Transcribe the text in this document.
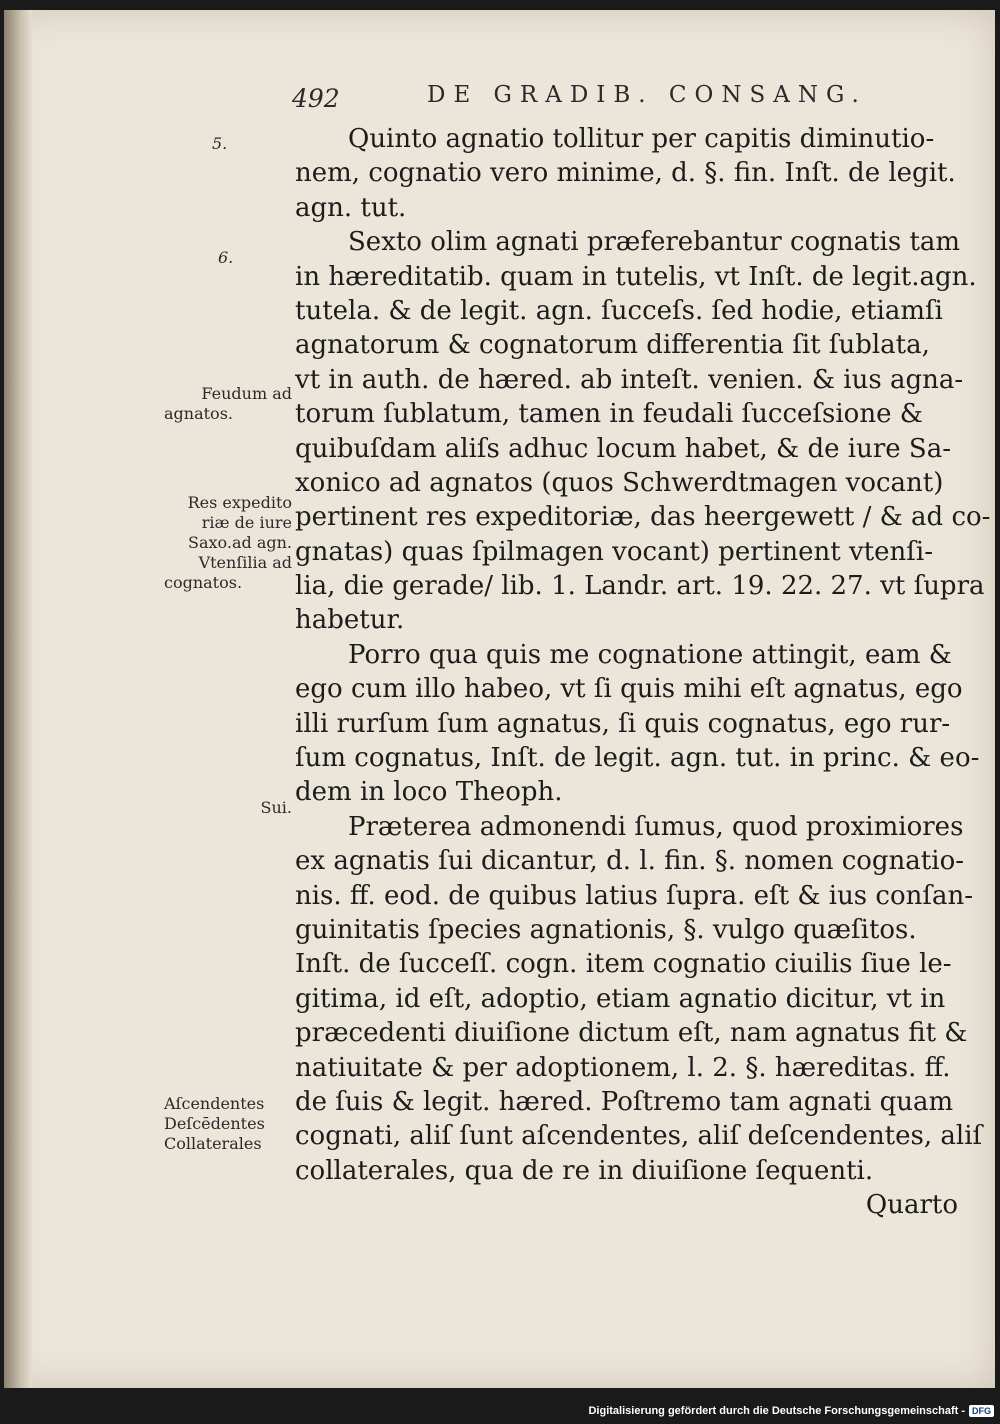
492	DE GRADIB. CONSANG.
5.
6.
Feudum ad
agnatos.
Res expedito
riæ de iure
Saxo.ad agn.
Vtenſilia ad
cognatos.
Sui.
Aſcendentes
Deſcēdentes
Collaterales
Quinto agnatio tollitur per capitis diminutio-
nem, cognatio vero minime, d. §. fin. Inſt. de legit.
agn. tut.
Sexto olim agnati præferebantur cognatis tam
in hæreditatib. quam in tutelis, vt Inſt. de legit.agn.
tutela. & de legit. agn. ſucceſs. ſed hodie, etiamſi
agnatorum & cognatorum differentia ſit ſublata,
vt in auth. de hæred. ab inteſt. venien. & ius agna-
torum ſublatum, tamen in feudali ſucceſsione &
quibuſdam aliſs adhuc locum habet, & de iure Sa-
xonico ad agnatos (quos Schwerdtmagen vocant)
pertinent res expeditoriæ, das heergewett / & ad co-
gnatas) quas ſpilmagen vocant) pertinent vtenſi-
lia, die gerade/ lib. 1. Landr. art. 19. 22. 27. vt ſupra
habetur.
Porro qua quis me cognatione attingit, eam &
ego cum illo habeo, vt ſi quis mihi eſt agnatus, ego
illi rurſum ſum agnatus, ſi quis cognatus, ego rur-
ſum cognatus, Inſt. de legit. agn. tut. in princ. & eo-
dem in loco Theoph.
Præterea admonendi ſumus, quod proximiores
ex agnatis ſui dicantur, d. l. fin. §. nomen cognatio-
nis. ff. eod. de quibus latius ſupra. eſt & ius conſan-
guinitatis ſpecies agnationis, §. vulgo quæſitos.
Inſt. de ſucceſſ. cogn. item cognatio ciuilis ſiue le-
gitima, id eſt, adoptio, etiam agnatio dicitur, vt in
præcedenti diuiſione dictum eſt, nam agnatus fit &
natiuitate & per adoptionem, l. 2. §. hæreditas. ff.
de ſuis & legit. hæred. Poſtremo tam agnati quam
cognati, aliſ ſunt aſcendentes, aliſ deſcendentes, aliſ
collaterales, qua de re in diuiſione ſequenti.
Quarto
Digitalisierung gefördert durch die Deutsche Forschungsgemeinschaft - DFG
